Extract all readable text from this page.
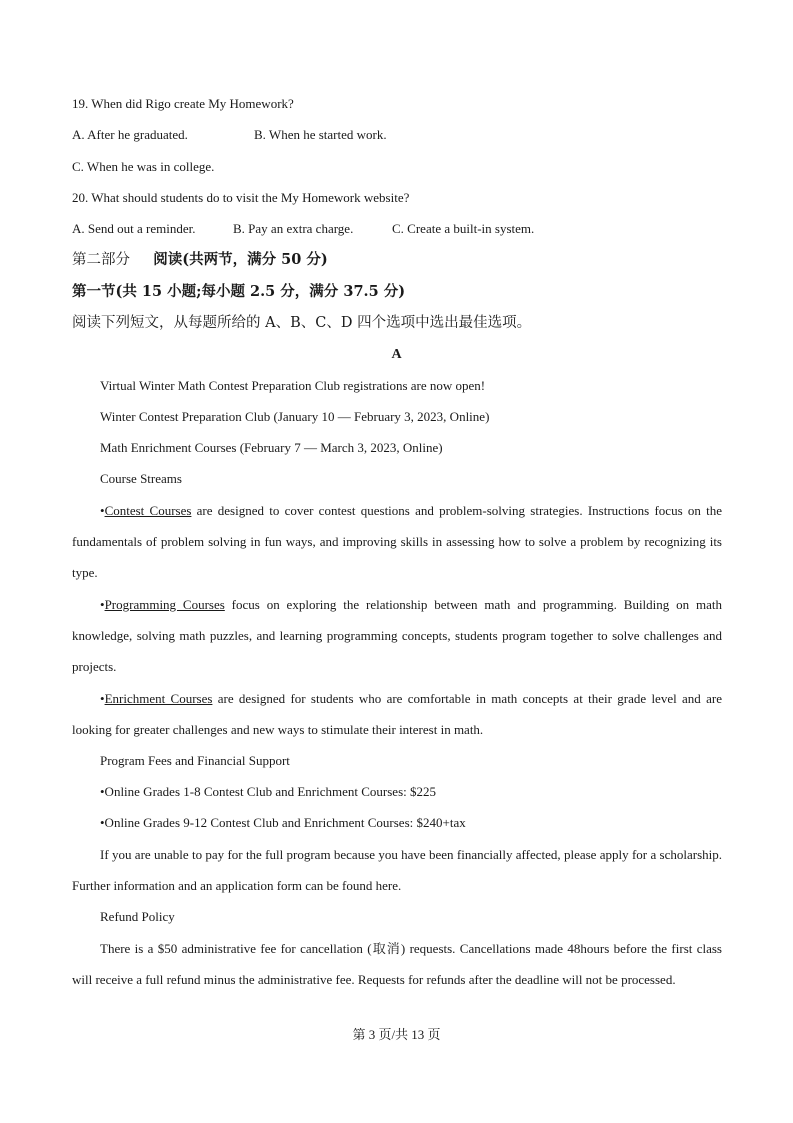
19. When did Rigo create My Homework?
A. After he graduated.	B. When he started work.
C. When he was in college.
20. What should students do to visit the My Homework website?
A. Send out a reminder.	B. Pay an extra charge.	C. Create a built-in system.
第二部分 阅读(共两节，满分 50 分)
第一节(共 15 小题;每小题 2.5 分，满分 37.5 分)
阅读下列短文，从每题所给的 A、B、C、D 四个选项中选出最佳选项。
A
Virtual Winter Math Contest Preparation Club registrations are now open!
Winter Contest Preparation Club (January 10 — February 3, 2023, Online)
Math Enrichment Courses (February 7 — March 3, 2023, Online)
Course Streams
•Contest Courses are designed to cover contest questions and problem-solving strategies. Instructions focus on the fundamentals of problem solving in fun ways, and improving skills in assessing how to solve a problem by recognizing its type.
•Programming Courses focus on exploring the relationship between math and programming. Building on math knowledge, solving math puzzles, and learning programming concepts, students program together to solve challenges and projects.
•Enrichment Courses are designed for students who are comfortable in math concepts at their grade level and are looking for greater challenges and new ways to stimulate their interest in math.
Program Fees and Financial Support
•Online Grades 1-8 Contest Club and Enrichment Courses: $225
•Online Grades 9-12 Contest Club and Enrichment Courses: $240+tax
If you are unable to pay for the full program because you have been financially affected, please apply for a scholarship. Further information and an application form can be found here.
Refund Policy
There is a $50 administrative fee for cancellation (取消) requests. Cancellations made 48hours before the first class will receive a full refund minus the administrative fee. Requests for refunds after the deadline will not be processed.
第 3 页/共 13 页
